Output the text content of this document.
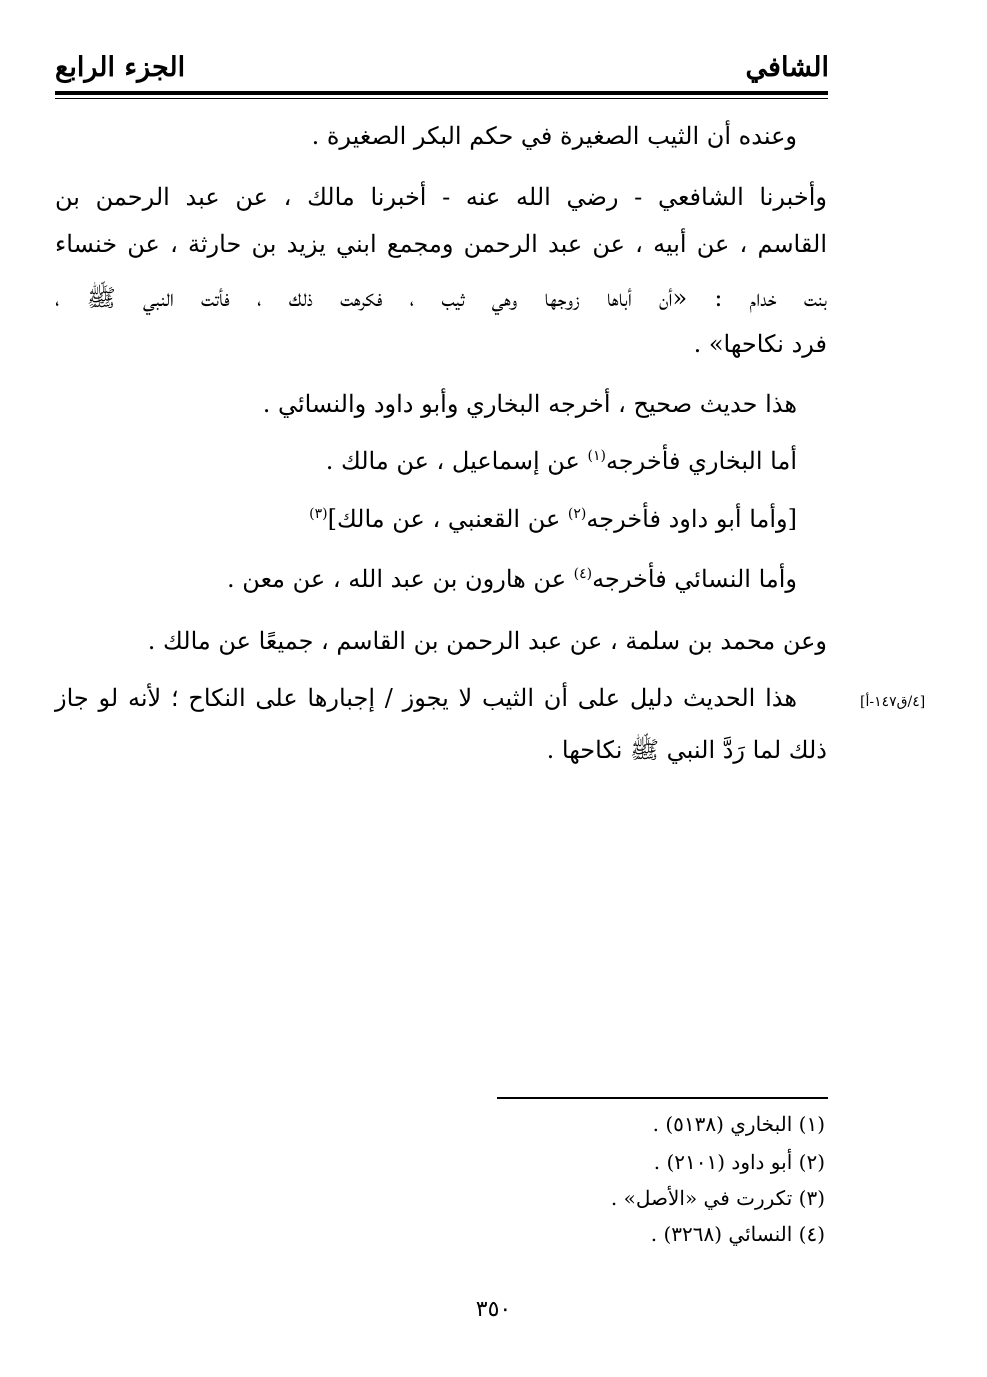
الشافي
الجزء الرابع
وعنده أن الثيب الصغيرة في حكم البكر الصغيرة .
وأخبرنا الشافعي - رضي الله عنه - أخبرنا مالك ، عن عبد الرحمن بن
القاسم ، عن أبيه ، عن عبد الرحمن ومجمع ابني يزيد بن حارثة ، عن خنساء
بنت خدام : «أن أباها زوجها وهي ثيب ، فكرهت ذلك ، فأتت النبي ﷺ ،
فرد نكاحها» .
هذا حديث صحيح ، أخرجه البخاري وأبو داود والنسائي .
أما البخاري فأخرجه$^{(١)}$ عن إسماعيل ، عن مالك .
[وأما أبو داود فأخرجه$^{(٢)}$ عن القعنبي ، عن مالك]$^{(٣)}$
وأما النسائي فأخرجه$^{(٤)}$ عن هارون بن عبد الله ، عن معن .
وعن محمد بن سلمة ، عن عبد الرحمن بن القاسم ، جميعًا عن مالك .
هذا الحديث دليل على أن الثيب لا يجوز / إجبارها على النكاح ؛ لأنه لو جاز
ذلك لما رَدَّ النبي ﷺ نكاحها .
[٤/ق١٤٧-أ]
(١) البخاري (٥١٣٨) .
(٢) أبو داود (٢١٠١) .
(٣) تكررت في «الأصل» .
(٤) النسائي (٣٢٦٨) .
٣٥٠
